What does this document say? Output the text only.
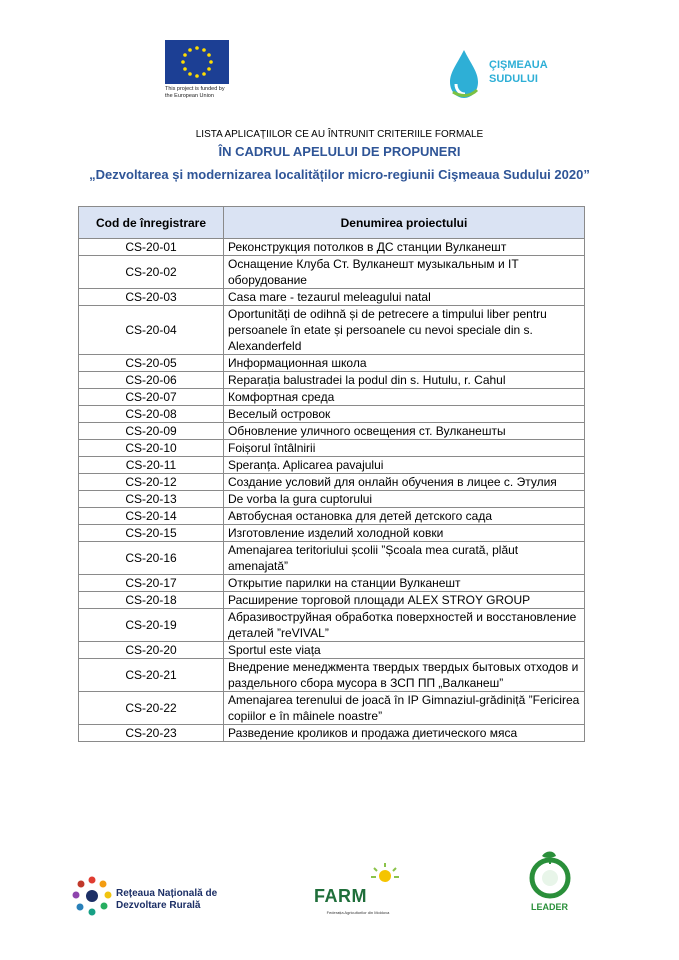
This project is funded by the European Union
ÇIŞMEAUA
SUDULUI
LISTA APLICAȚIILOR CE AU ÎNTRUNIT CRITERIILE FORMALE
ÎN CADRUL APELULUI DE PROPUNERI
„Dezvoltarea și modernizarea localităților micro-regiunii Cişmeaua Sudului 2020”
Cod de înregistrare	Denumirea proiectului
CS-20-01	Реконструкция потолков в ДС станции Вулканешт
CS-20-02	Оснащение Клуба Ст. Вулканешт музыкальным и IT оборудование
CS-20-03	Casa mare - tezaurul meleagului natal
CS-20-04	Oportunități de odihnă și de petrecere a timpului liber pentru persoanele în etate și persoanele cu nevoi speciale din s. Alexanderfeld
CS-20-05	Информационная школа
CS-20-06	Reparația balustradei la podul din s. Hutulu, r. Cahul
CS-20-07	Комфортная среда
CS-20-08	Веселый островок
CS-20-09	Обновление уличного освещения ст. Вулканешты
CS-20-10	Foișorul întâlnirii
CS-20-11	Speranța. Aplicarea pavajului
CS-20-12	Создание условий для онлайн обучения в лицее с. Этулия
CS-20-13	De vorba la gura cuptorului
CS-20-14	Автобусная остановка для детей детского сада
CS-20-15	Изготовление изделий холодной ковки
CS-20-16	Amenajarea teritoriului școlii ”Școala mea curată, plăut amenajată”
CS-20-17	Открытие парилки на станции Вулканешт
CS-20-18	Расширение торговой площади ALEX STROY GROUP
CS-20-19	Абразивоструйная обработка поверхностей и восстановление деталей ”reVIVAL”
CS-20-20	Sportul este viața
CS-20-21	Внедрение менеджмента твердых твердых бытовых отходов и раздельного сбора мусора в ЗСП ПП „Валканеш”
CS-20-22	Amenajarea terenului de joacă în IP Gimnaziul-grădiniță ”Fericirea copiilor e în mâinele noastre”
CS-20-23	Разведение кроликов и продажа диетического мяса
Rețeaua Națională de
Dezvoltare Rurală	FARM
Federația Agricultorilor din Moldova
LEADER
